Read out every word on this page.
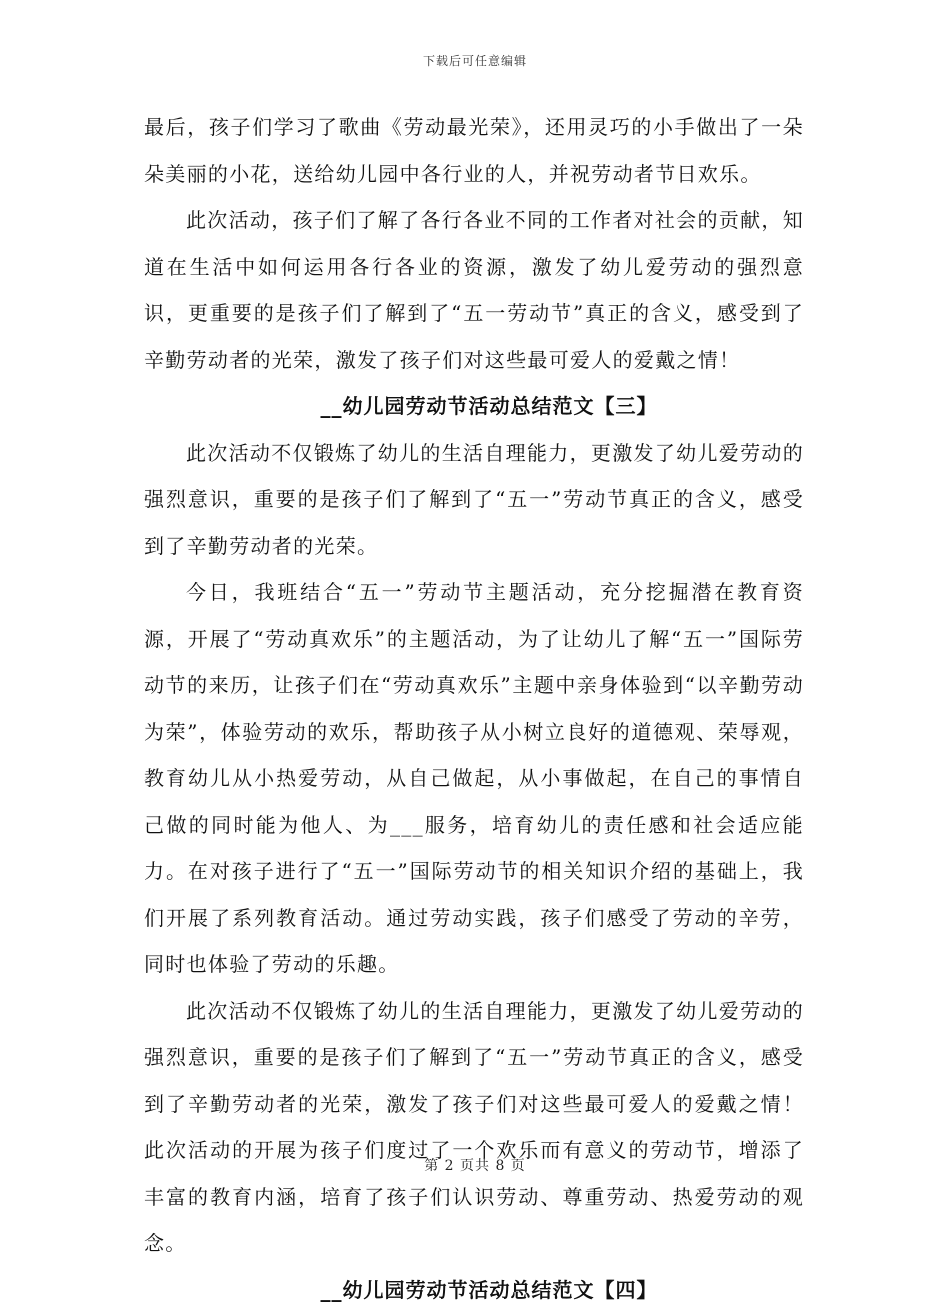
下载后可任意编辑

最后，孩子们学习了歌曲《劳动最光荣》，还用灵巧的小手做出了一朵朵美丽的小花，送给幼儿园中各行业的人，并祝劳动者节日欢乐。

此次活动，孩子们了解了各行各业不同的工作者对社会的贡献，知道在生活中如何运用各行各业的资源，激发了幼儿爱劳动的强烈意识，更重要的是孩子们了解到了“五一劳动节”真正的含义，感受到了辛勤劳动者的光荣，激发了孩子们对这些最可爱人的爱戴之情！

__幼儿园劳动节活动总结范文【三】

此次活动不仅锻炼了幼儿的生活自理能力，更激发了幼儿爱劳动的强烈意识，重要的是孩子们了解到了“五一”劳动节真正的含义，感受到了辛勤劳动者的光荣。

今日，我班结合“五一”劳动节主题活动，充分挖掘潜在教育资源，开展了“劳动真欢乐”的主题活动，为了让幼儿了解“五一”国际劳动节的来历，让孩子们在“劳动真欢乐”主题中亲身体验到“以辛勤劳动为荣”，体验劳动的欢乐，帮助孩子从小树立良好的道德观、荣辱观，教育幼儿从小热爱劳动，从自己做起，从小事做起，在自己的事情自己做的同时能为他人、为___服务，培育幼儿的责任感和社会适应能力。在对孩子进行了“五一”国际劳动节的相关知识介绍的基础上，我们开展了系列教育活动。通过劳动实践，孩子们感受了劳动的辛劳，同时也体验了劳动的乐趣。

此次活动不仅锻炼了幼儿的生活自理能力，更激发了幼儿爱劳动的强烈意识，重要的是孩子们了解到了“五一”劳动节真正的含义，感受到了辛勤劳动者的光荣，激发了孩子们对这些最可爱人的爱戴之情！此次活动的开展为孩子们度过了一个欢乐而有意义的劳动节，增添了丰富的教育内涵，培育了孩子们认识劳动、尊重劳动、热爱劳动的观念。

__幼儿园劳动节活动总结范文【四】

第 2 页共 8 页
